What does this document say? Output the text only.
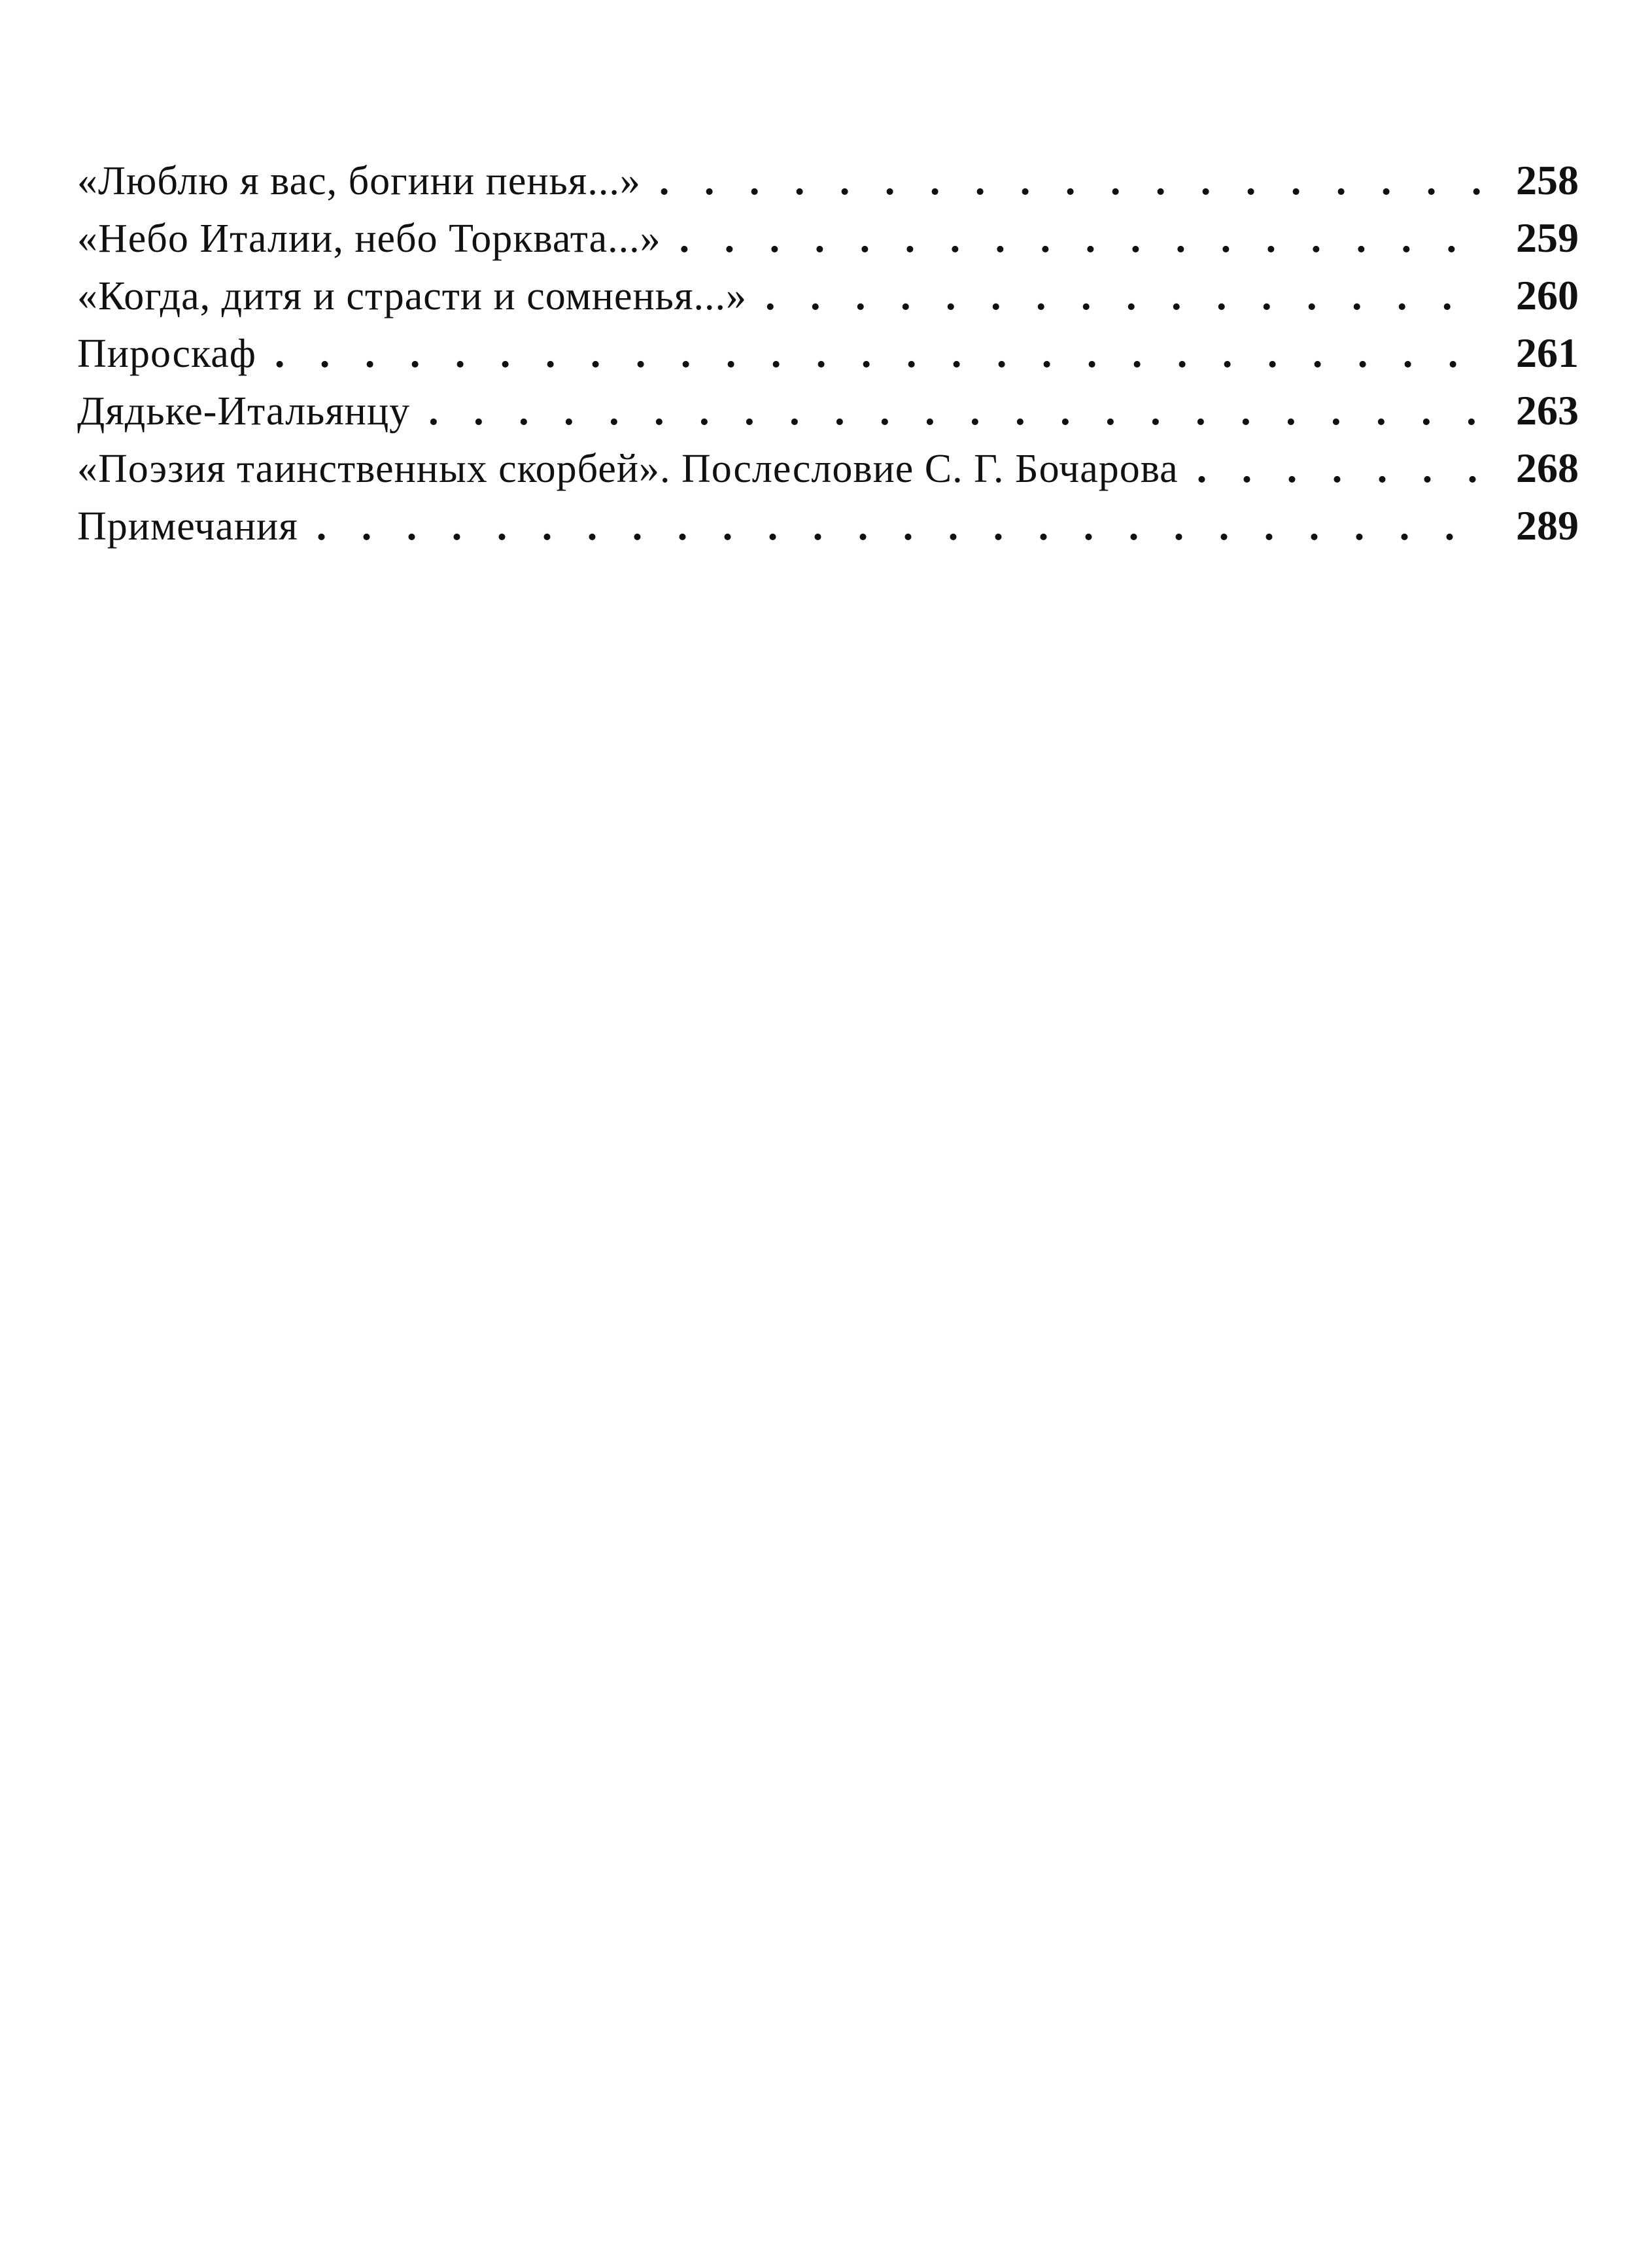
«Люблю я вас, богини пенья...» . . .	258
«Небо Италии, небо Торквата...» . . .	259
«Когда, дитя и страсти и сомненья...» . . .	260
Пироскаф . . .	261
Дядьке-Итальянцу . . .	263
«Поэзия таинственных скорбей». Послесловие С. Г. Бочарова . . .	268
Примечания . . .	289
